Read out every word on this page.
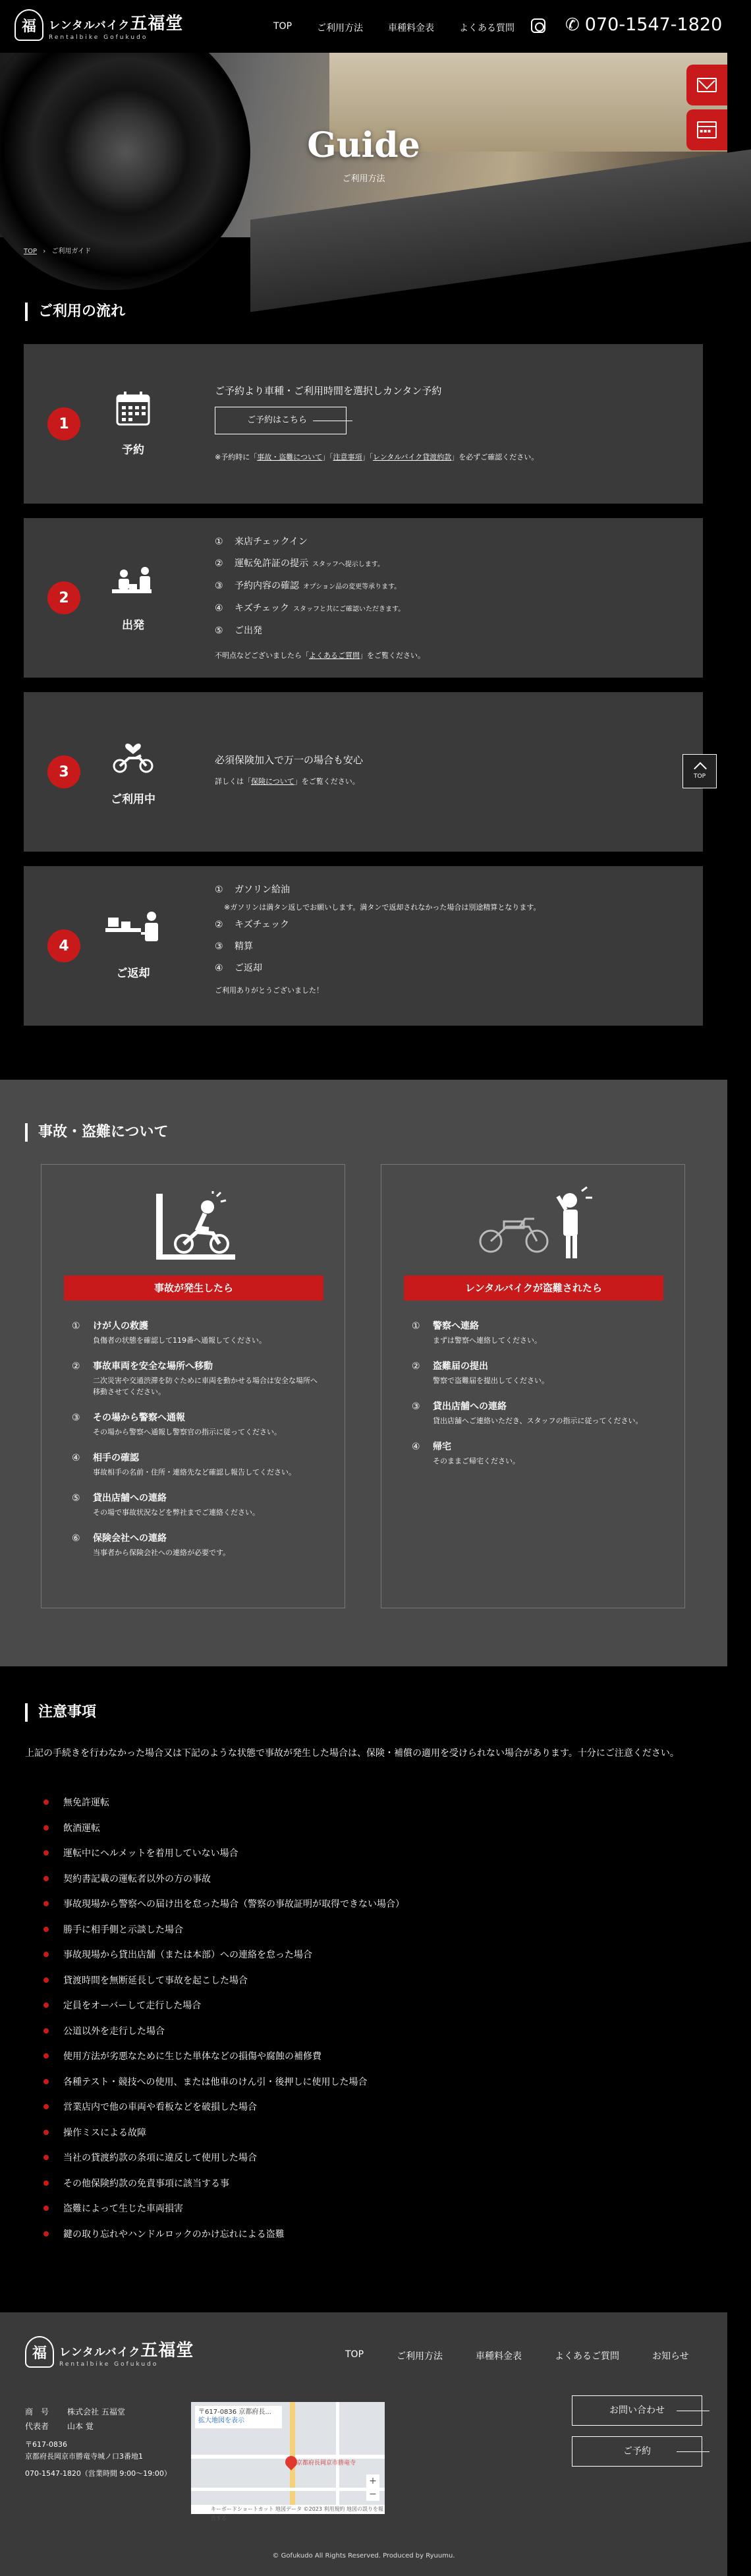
福	レンタルバイク五福堂
Rentalbike Gofukudo
TOP	ご利用方法	車種料金表	よくある質問	✆ 070-1547-1820
Guide
ご利用方法
▪ ▪ ▪
TOP › ご利用ガイド
ご利用の流れ
1
予約
ご予約より車種・ご利用時間を選択しカンタン予約
ご予約はこちら
※予約時に「事故・盗難について」「注意事項」「レンタルバイク貸渡約款」を必ずご確認ください。
2
出発
① 来店チェックイン
② 運転免許証の提示 スタッフへ提示します。
③ 予約内容の確認 オプション品の変更等承ります。
④ キズチェック スタッフと共にご確認いただきます。
⑤ ご出発
不明点などございましたら「よくあるご質問」をご覧ください。
3
ご利用中
必須保険加入で万一の場合も安心
詳しくは「保険について」をご覧ください。
TOP
4
ご返却
① ガソリン給油
※ガソリンは満タン返しでお願いします。満タンで返却されなかった場合は別途精算となります。
② キズチェック
③ 精算
④ ご返却
ご利用ありがとうございました！
事故・盗難について
事故が発生したら
① けが人の救護
負傷者の状態を確認して119番へ通報してください。
② 事故車両を安全な場所へ移動
二次災害や交通渋滞を防ぐために車両を動かせる場合は安全な場所へ移動させてください。
③ その場から警察へ通報
その場から警察へ通報し警察官の指示に従ってください。
④ 相手の確認
事故相手の名前・住所・連絡先など確認し報告してください。
⑤ 貸出店舗への連絡
その場で事故状況などを弊社までご連絡ください。
⑥ 保険会社への連絡
当事者から保険会社への連絡が必要です。
レンタルバイクが盗難されたら
① 警察へ連絡
まずは警察へ連絡してください。
② 盗難届の提出
警察で盗難届を提出してください。
③ 貸出店舗への連絡
貸出店舗へご連絡いただき、スタッフの指示に従ってください。
④ 帰宅
そのままご帰宅ください。
注意事項

上記の手続きを行わなかった場合又は下記のような状態で事故が発生した場合は、保険・補償の適用を受けられない場合があります。十分にご注意ください。

無免許運転
飲酒運転
運転中にヘルメットを着用していない場合
契約書記載の運転者以外の方の事故
事故現場から警察への届け出を怠った場合（警察の事故証明が取得できない場合）
勝手に相手側と示談した場合
事故現場から貸出店舗（または本部）への連絡を怠った場合
貸渡時間を無断延長して事故を起こした場合
定員をオーバーして走行した場合
公道以外を走行した場合
使用方法が劣悪なために生じた単体などの損傷や腐蝕の補修費
各種テスト・競技への使用、または他車のけん引・後押しに使用した場合
営業店内で他の車両や看板などを破損した場合
操作ミスによる故障
当社の貸渡約款の条項に違反して使用した場合
その他保険約款の免責事項に該当する事
盗難によって生じた車両損害
鍵の取り忘れやハンドルロックのかけ忘れによる盗難
福	レンタルバイク五福堂
Rentalbike Gofukudo
TOP	ご利用方法	車種料金表	よくあるご質問	お知らせ
商　号 株式会社 五福堂
代表者 山本 覚
〒617-0836
京都府長岡京市勝竜寺城ノ口3番地1
070-1547-1820（営業時間 9:00〜19:00）
〒617-0836 京都府長...
拡大地図を表示
京都府長岡京市勝竜寺
+
−
キーボードショートカット 地図データ ©2023 利用規約 地図の誤りを報告する
お問い合わせ
ご予約
© Gofukudo All Rights Reserved. Produced by Ryuumu.
